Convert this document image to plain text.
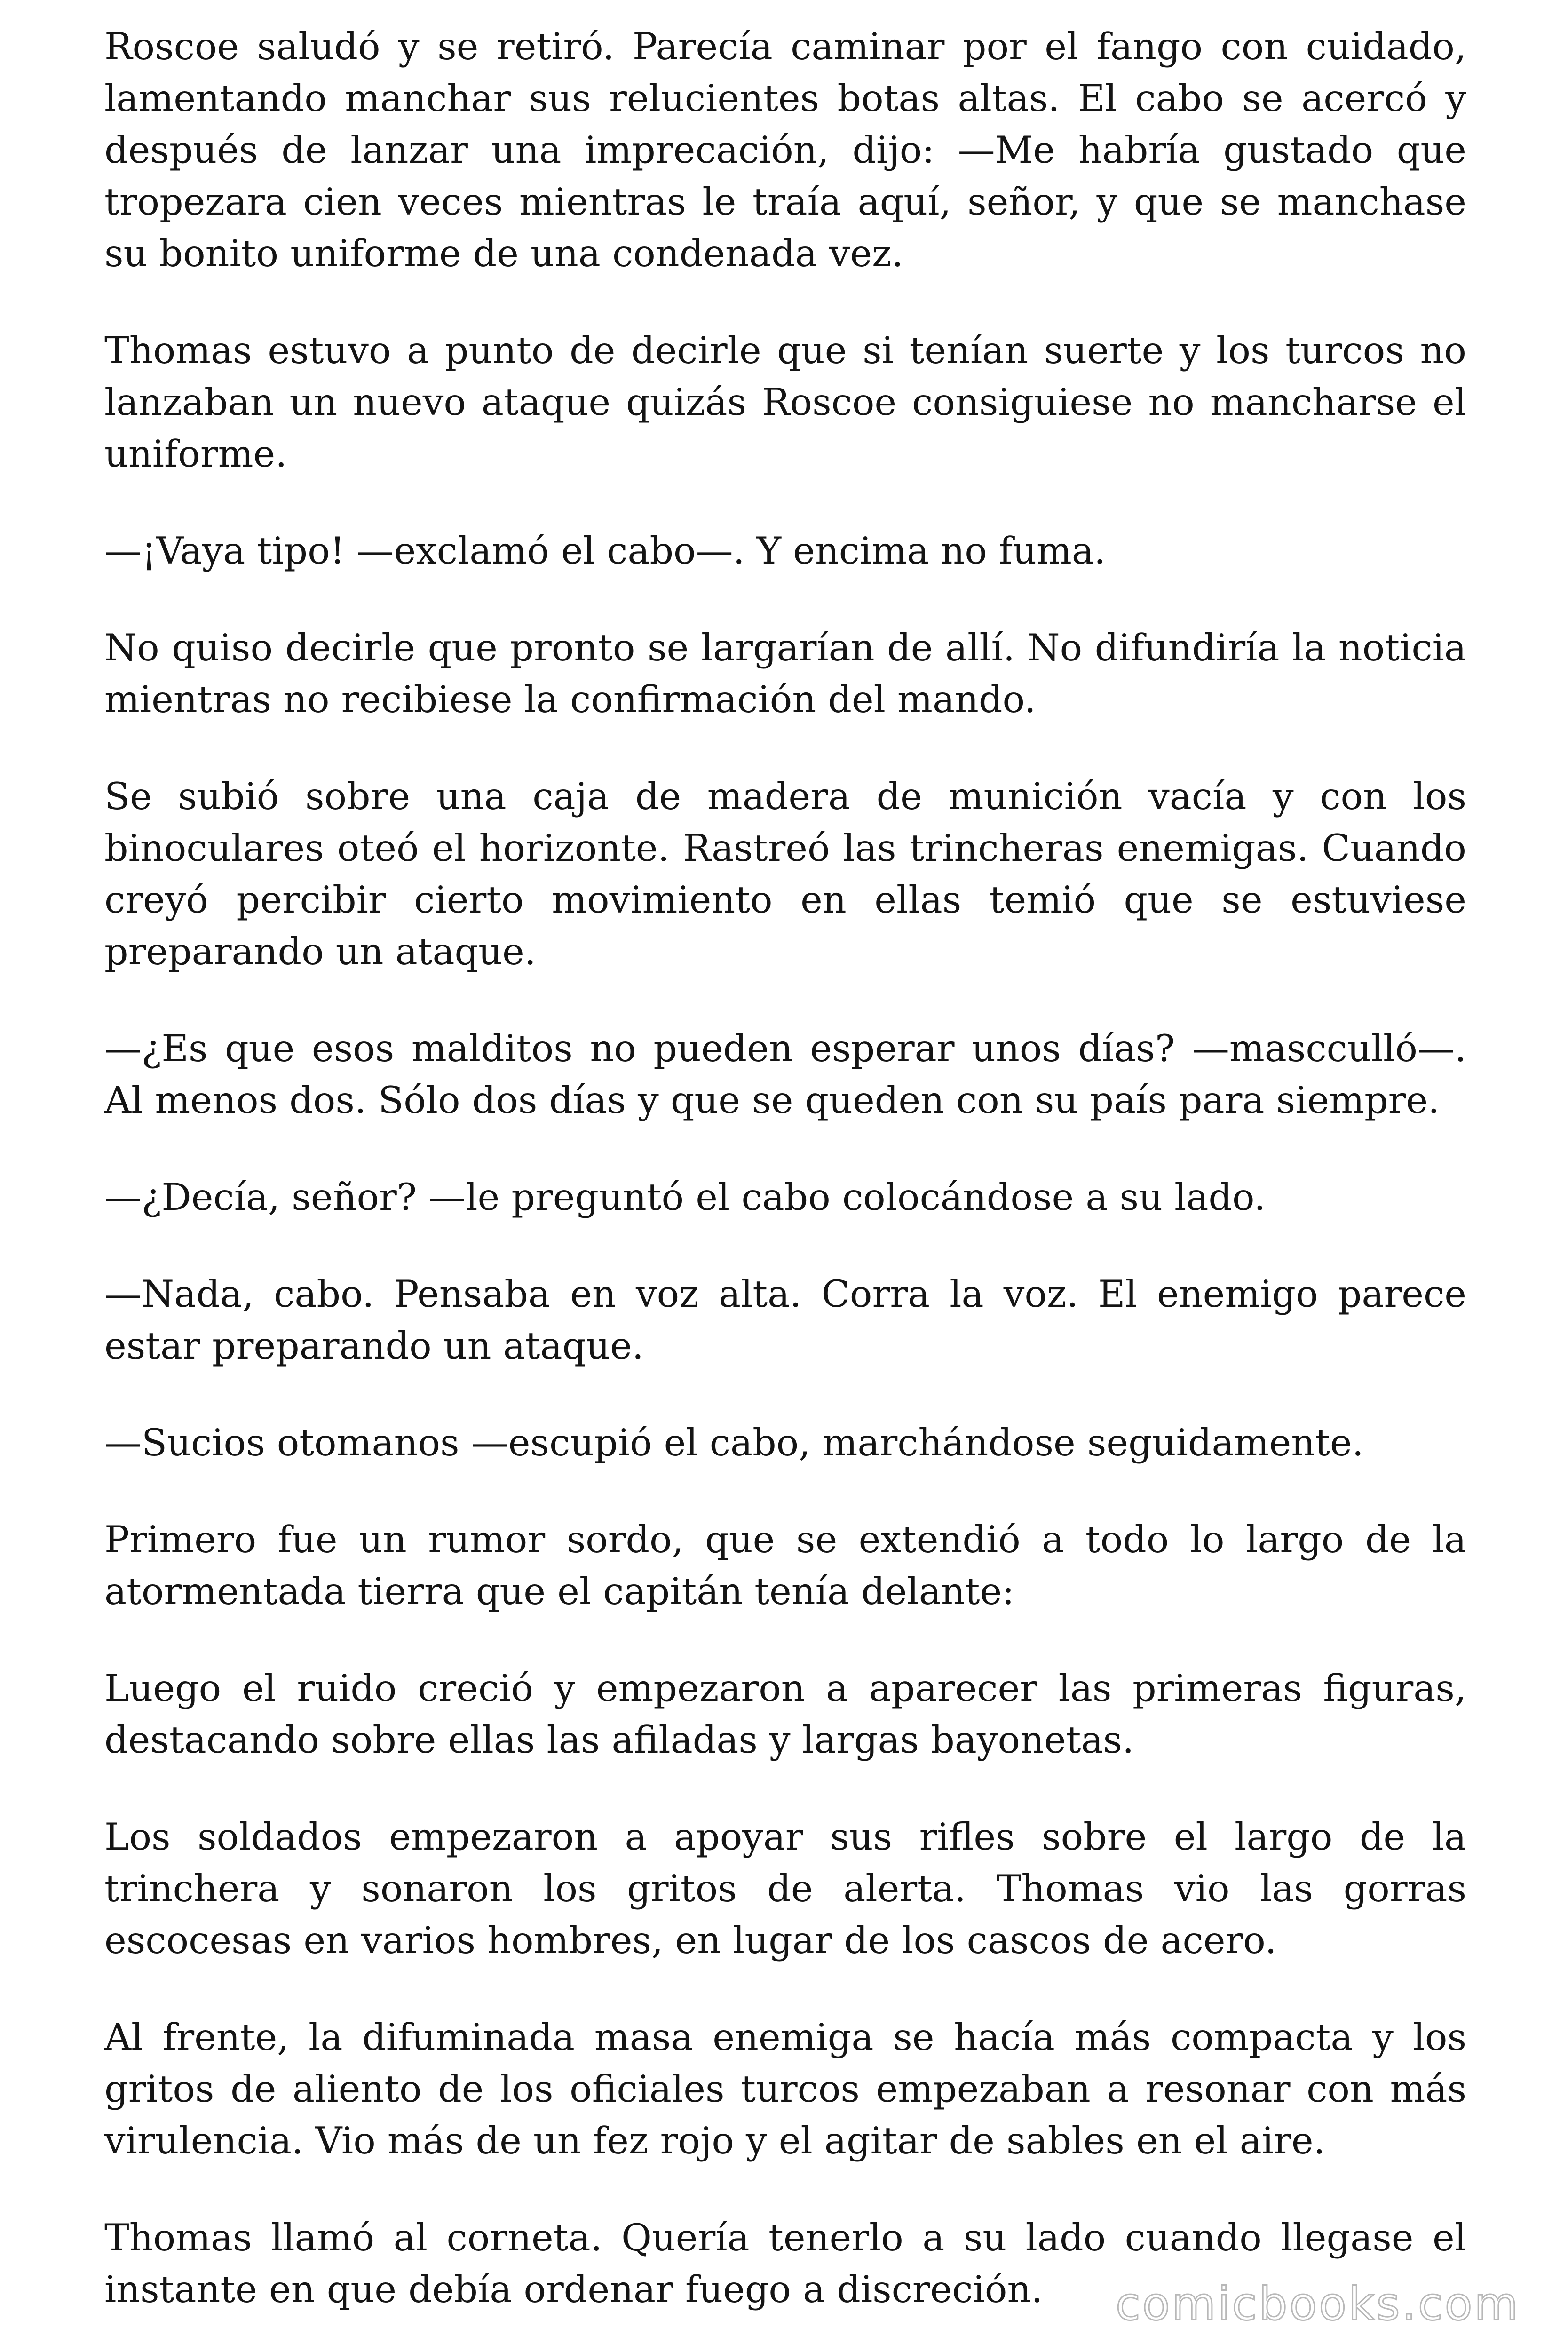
Roscoe saludó y se retiró. Parecía caminar por el fango con cuidado, lamentando manchar sus relucientes botas altas. El cabo se acercó y después de lanzar una imprecación, dijo: —Me habría gustado que tropezara cien veces mientras le traía aquí, señor, y que se manchase su bonito uniforme de una condenada vez.

Thomas estuvo a punto de decirle que si tenían suerte y los turcos no lanzaban un nuevo ataque quizás Roscoe consiguiese no mancharse el uniforme.

—¡Vaya tipo! —exclamó el cabo—. Y encima no fuma.

No quiso decirle que pronto se largarían de allí. No difundiría la noticia mientras no recibiese la confirmación del mando.

Se subió sobre una caja de madera de munición vacía y con los binoculares oteó el horizonte. Rastreó las trincheras enemigas. Cuando creyó percibir cierto movimiento en ellas temió que se estuviese preparando un ataque.

—¿Es que esos malditos no pueden esperar unos días? —mascculló—. Al menos dos. Sólo dos días y que se queden con su país para siempre.

—¿Decía, señor? —le preguntó el cabo colocándose a su lado.

—Nada, cabo. Pensaba en voz alta. Corra la voz. El enemigo parece estar preparando un ataque.

—Sucios otomanos —escupió el cabo, marchándose seguidamente.

Primero fue un rumor sordo, que se extendió a todo lo largo de la atormentada tierra que el capitán tenía delante:

Luego el ruido creció y empezaron a aparecer las primeras figuras, destacando sobre ellas las afiladas y largas bayonetas.

Los soldados empezaron a apoyar sus rifles sobre el largo de la trinchera y sonaron los gritos de alerta. Thomas vio las gorras escocesas en varios hombres, en lugar de los cascos de acero.

Al frente, la difuminada masa enemiga se hacía más compacta y los gritos de aliento de los oficiales turcos empezaban a resonar con más virulencia. Vio más de un fez rojo y el agitar de sables en el aire.

Thomas llamó al corneta. Quería tenerlo a su lado cuando llegase el instante en que debía ordenar fuego a discreción.	comicbooks.com
